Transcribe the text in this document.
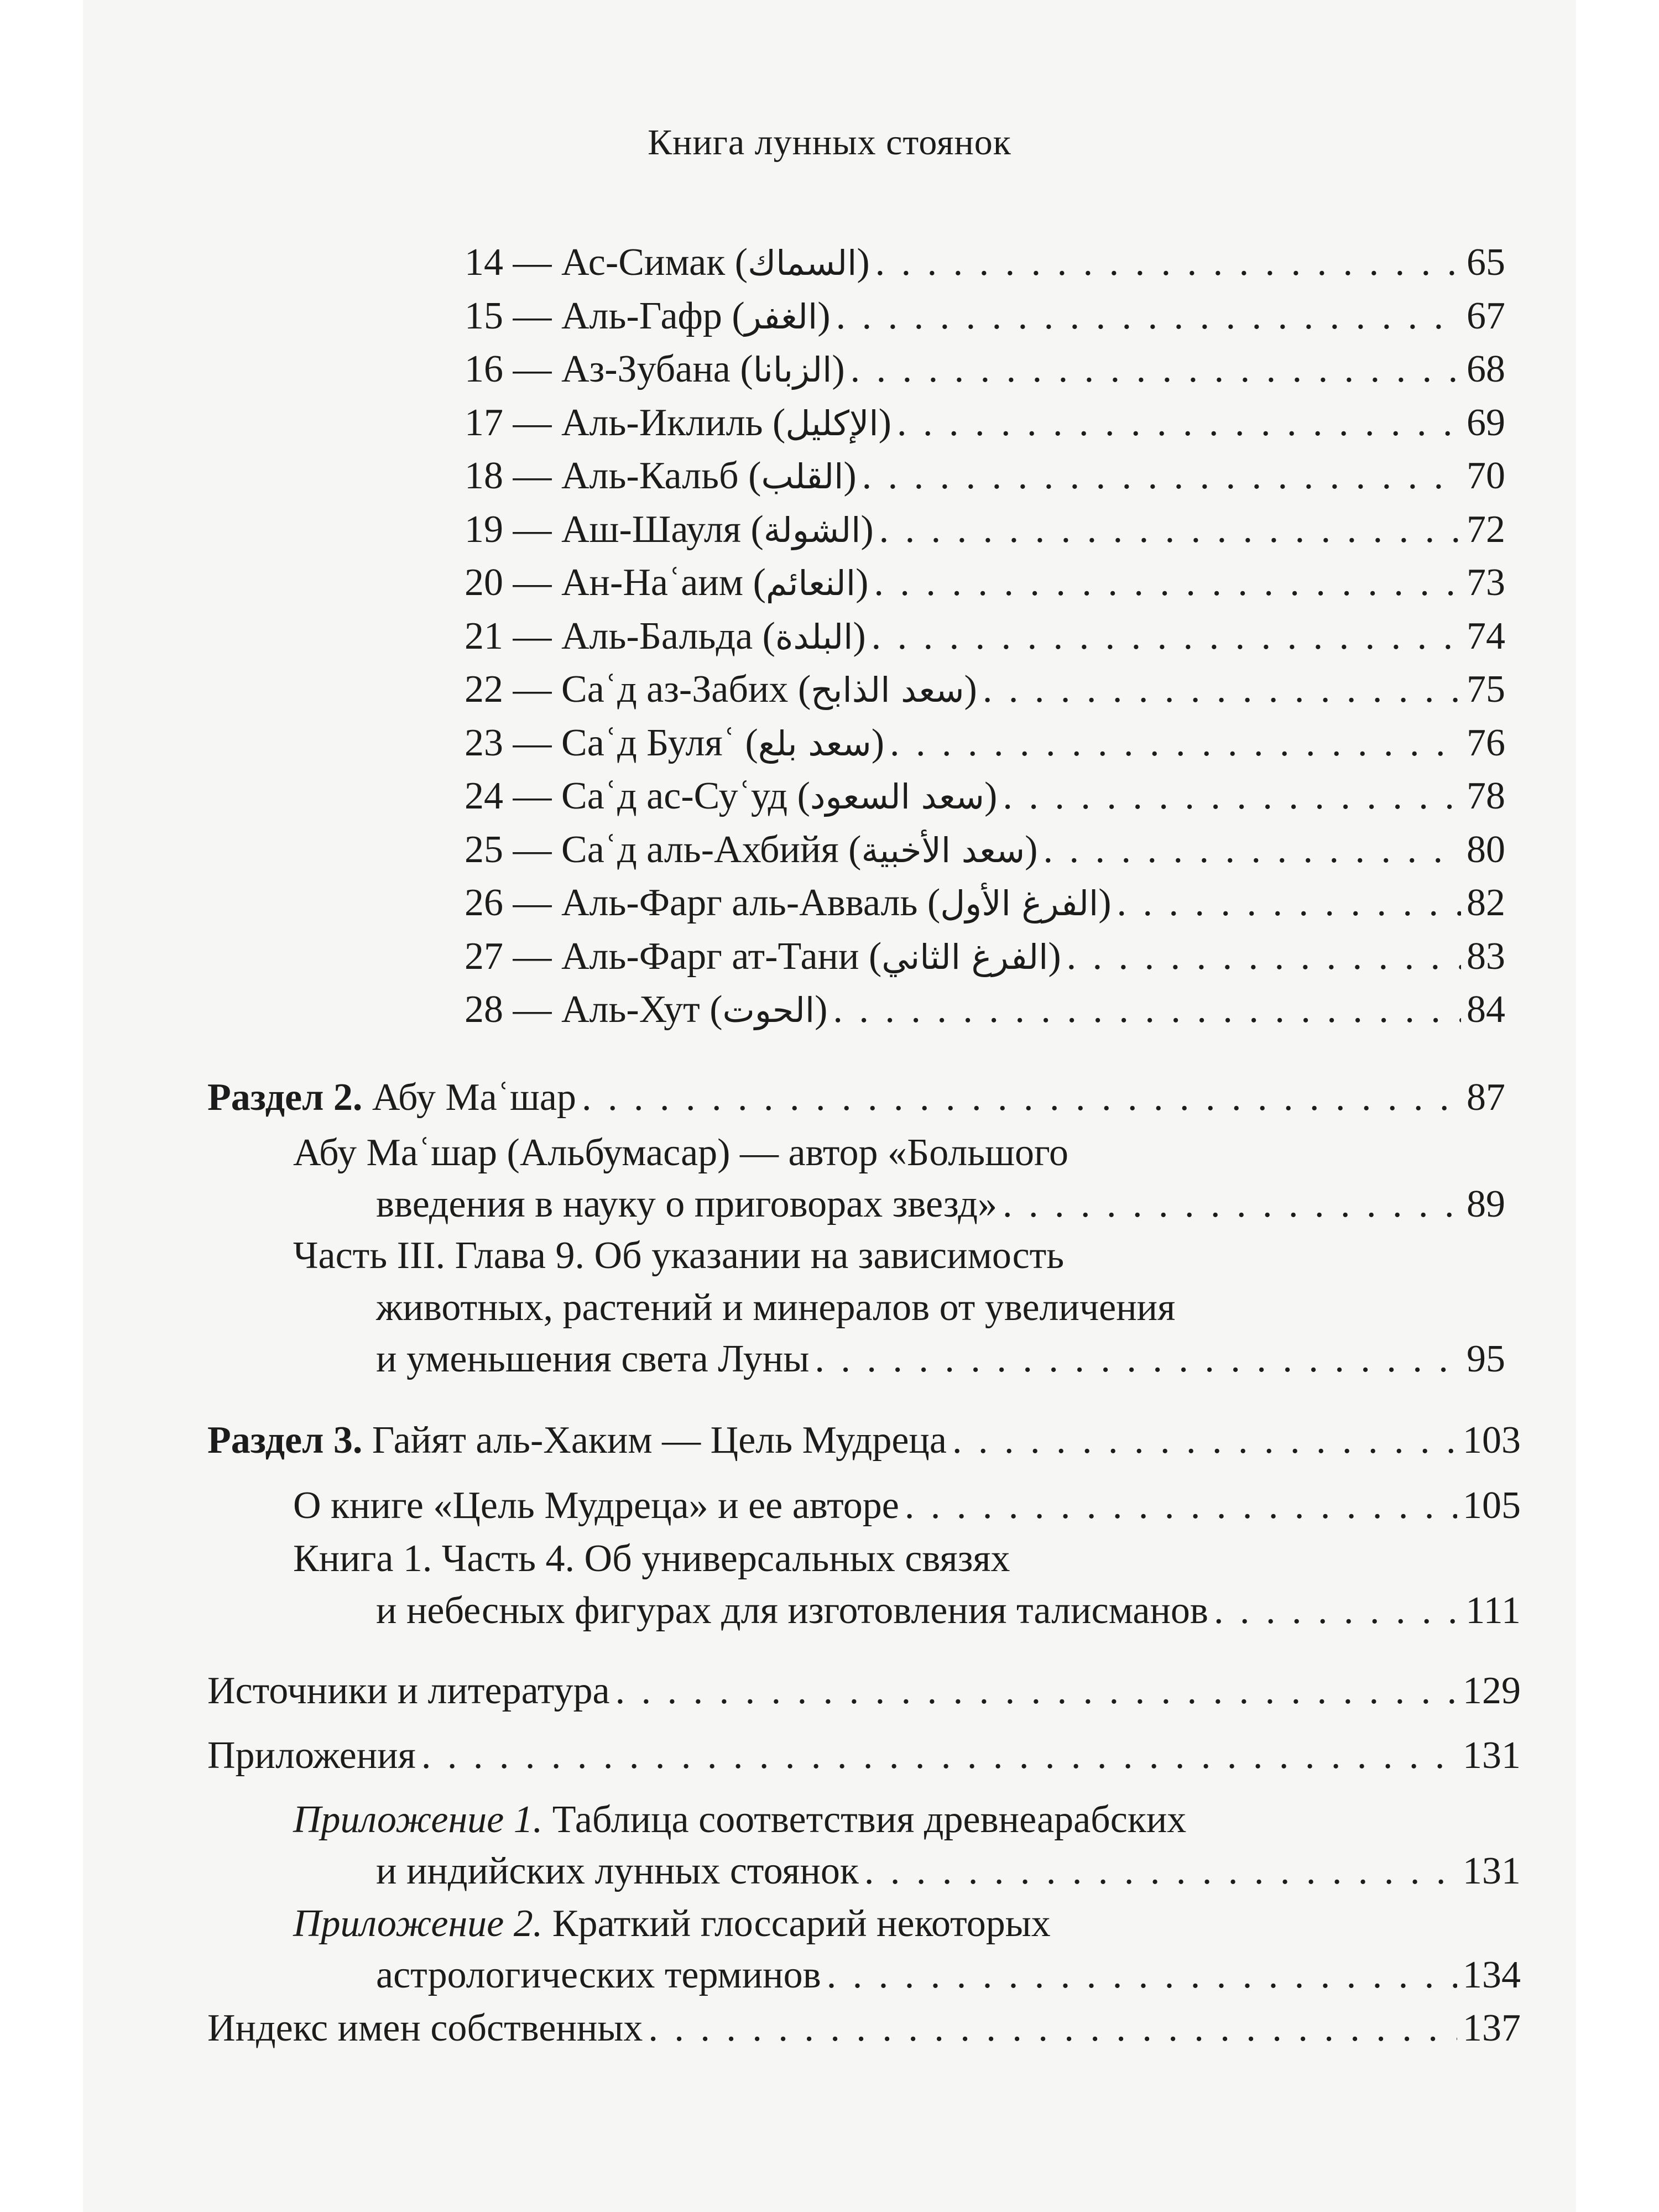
Книга лунных стоянок
14 — Ас-Симак (السماك) . . .	65
15 — Аль-Гафр (الغفر) . . .	67
16 — Аз-Зубана (الزبانا) . . .	68
17 — Аль-Иклиль (الإكليل) . . .	69
18 — Аль-Кальб (القلب) . . .	70
19 — Аш-Шауля (الشولة) . . .	72
20 — Ан-Наʿаим (النعائم) . . .	73
21 — Аль-Бальда (البلدة) . . .	74
22 — Саʿд аз-Забих (سعد الذابح) . . .	75
23 — Саʿд Буляʿ (سعد بلع) . . .	76
24 — Саʿд ас-Суʿуд (سعد السعود) . . .	78
25 — Саʿд аль-Ахбийя (سعد الأخبية) . . .	80
26 — Аль-Фарг аль-Авваль (الفرغ الأول) . . .	82
27 — Аль-Фарг ат-Тани (الفرغ الثاني) . . .	83
28 — Аль-Хут (الحوت) . . .	84
Раздел 2. Абу Маʿшар . . .	87
Абу Маʿшар (Альбумасар) — автор «Большого
введения в науку о приговорах звезд» . . .	89
Часть III. Глава 9. Об указании на зависимость
животных, растений и минералов от увеличения
и уменьшения света Луны . . .	95
Раздел 3. Гайят аль-Хаким — Цель Мудреца . . .	103
О книге «Цель Мудреца» и ее авторе . . .	105
Книга 1. Часть 4. Об универсальных связях
и небесных фигурах для изготовления талисманов . . .	111
Источники и литература . . .	129
Приложения . . .	131
Приложение 1. Таблица соответствия древнеарабских
и индийских лунных стоянок . . .	131
Приложение 2. Краткий глоссарий некоторых
астрологических терминов . . .	134
Индекс имен собственных . . .	137
